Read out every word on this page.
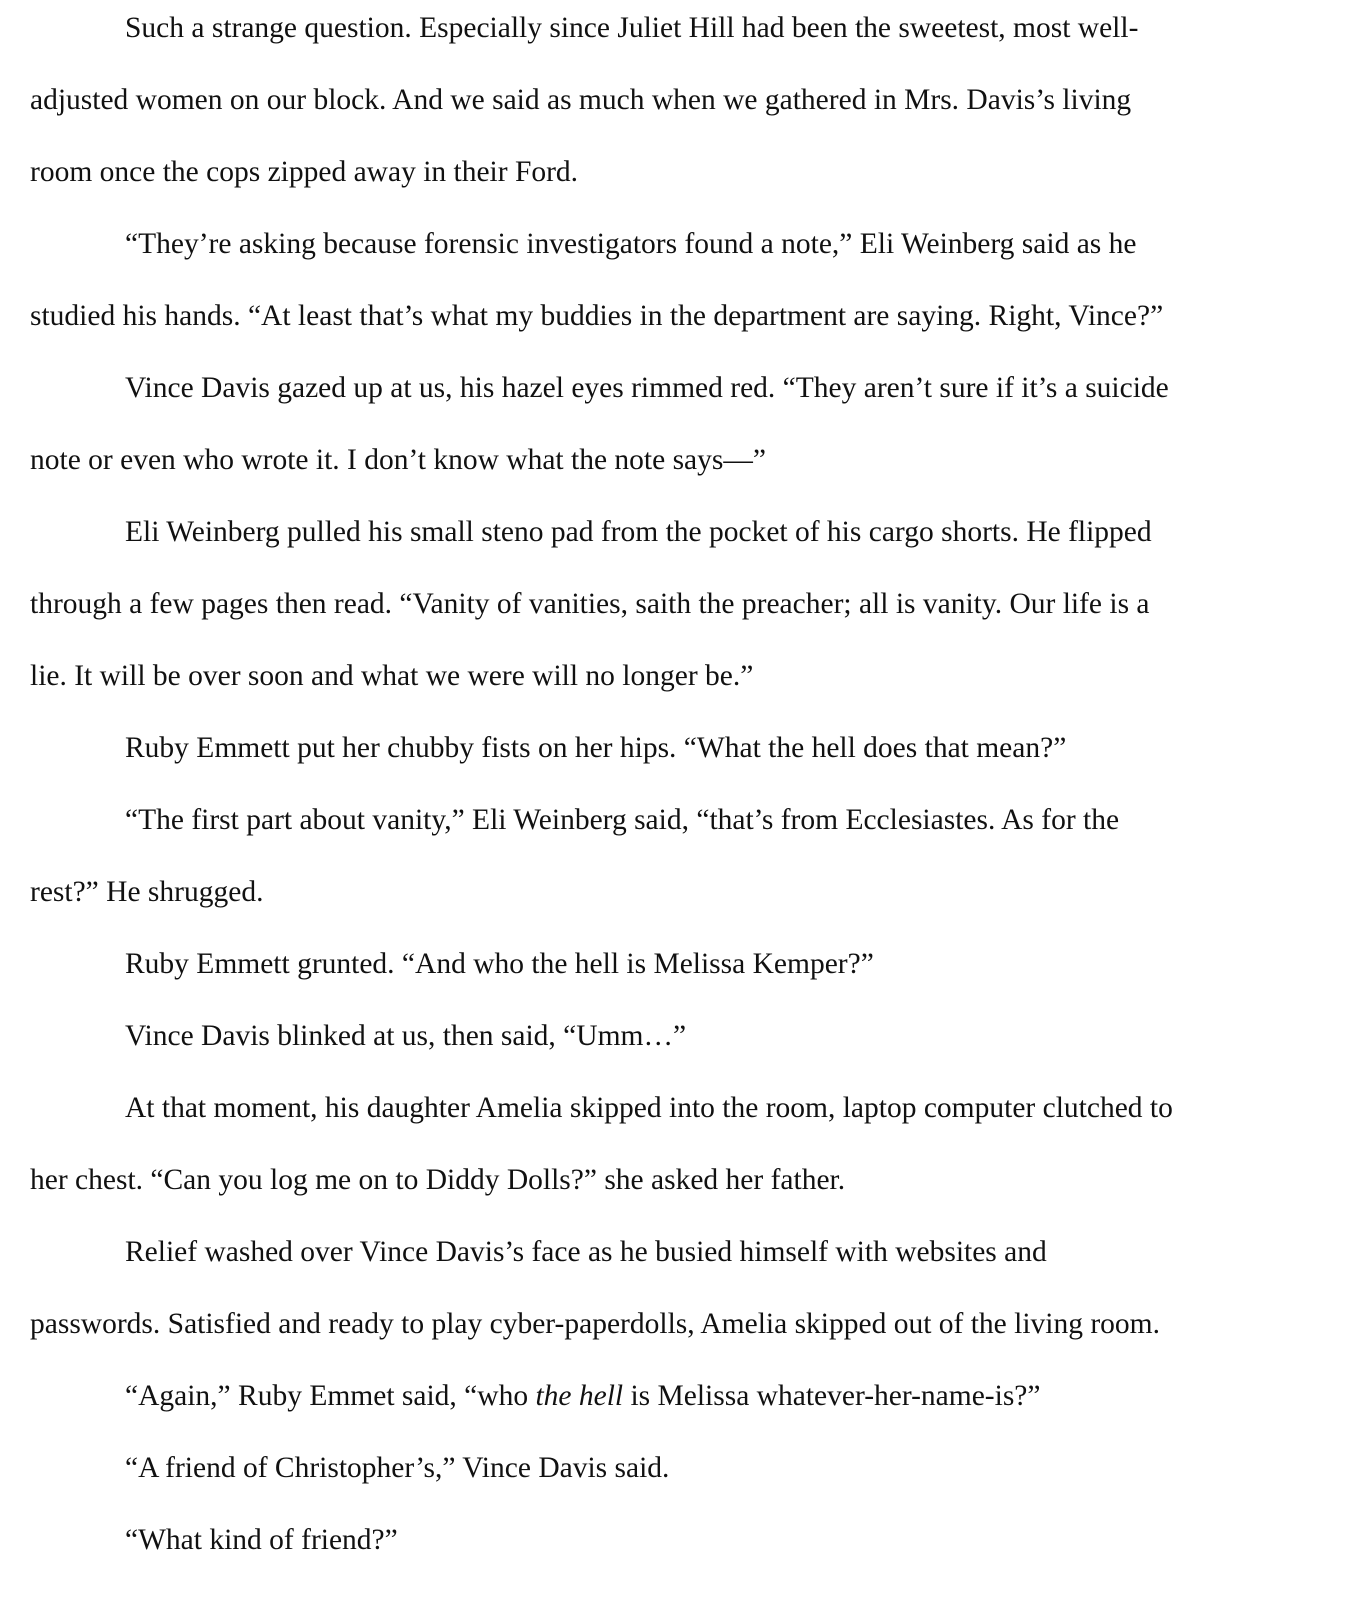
Such a strange question. Especially since Juliet Hill had been the sweetest, most well-
adjusted women on our block. And we said as much when we gathered in Mrs. Davis’s living
room once the cops zipped away in their Ford.
“They’re asking because forensic investigators found a note,” Eli Weinberg said as he
studied his hands. “At least that’s what my buddies in the department are saying. Right, Vince?”
Vince Davis gazed up at us, his hazel eyes rimmed red. “They aren’t sure if it’s a suicide
note or even who wrote it. I don’t know what the note says—”
Eli Weinberg pulled his small steno pad from the pocket of his cargo shorts. He flipped
through a few pages then read. “Vanity of vanities, saith the preacher; all is vanity. Our life is a
lie. It will be over soon and what we were will no longer be.”
Ruby Emmett put her chubby fists on her hips. “What the hell does that mean?”
“The first part about vanity,” Eli Weinberg said, “that’s from Ecclesiastes. As for the
rest?” He shrugged.
Ruby Emmett grunted. “And who the hell is Melissa Kemper?”
Vince Davis blinked at us, then said, “Umm…”
At that moment, his daughter Amelia skipped into the room, laptop computer clutched to
her chest. “Can you log me on to Diddy Dolls?” she asked her father.
Relief washed over Vince Davis’s face as he busied himself with websites and
passwords. Satisfied and ready to play cyber-paperdolls, Amelia skipped out of the living room.
“Again,” Ruby Emmet said, “who the hell is Melissa whatever-her-name-is?”
“A friend of Christopher’s,” Vince Davis said.
“What kind of friend?”
